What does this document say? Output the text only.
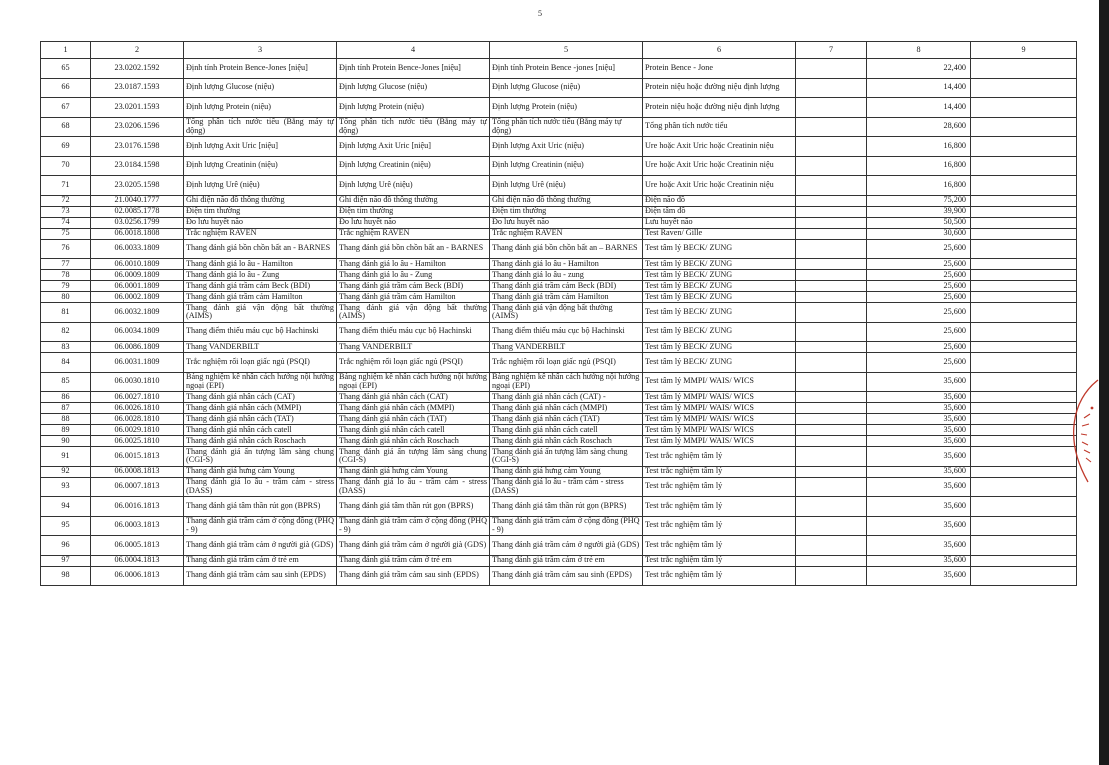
5
1	2	3	4	5	6	7	8	9
65	23.0202.1592	Định tính Protein Bence-Jones [niệu]	Định tính Protein Bence-Jones [niệu]	Định tính Protein Bence -jones [niệu]	Protein Bence - Jone		22,400	
66	23.0187.1593	Định lượng Glucose (niệu)	Định lượng Glucose (niệu)	Định lượng Glucose (niệu)	Protein niệu hoặc đường niệu định lượng		14,400	
67	23.0201.1593	Định lượng Protein (niệu)	Định lượng Protein (niệu)	Định lượng Protein (niệu)	Protein niệu hoặc đường niệu định lượng		14,400	
68	23.0206.1596	Tổng phân tích nước tiểu (Bằng máy tự động)	Tổng phân tích nước tiểu (Bằng máy tự động)	Tổng phân tích nước tiểu (Bằng máy tự động)	Tổng phân tích nước tiểu		28,600	
69	23.0176.1598	Định lượng Axit Uric [niệu]	Định lượng Axit Uric [niệu]	Định lượng Axit Uric (niệu)	Ure hoặc Axit Uric hoặc Creatinin niệu		16,800	
70	23.0184.1598	Định lượng Creatinin (niệu)	Định lượng Creatinin (niệu)	Định lượng Creatinin (niệu)	Ure hoặc Axit Uric hoặc Creatinin niệu		16,800	
71	23.0205.1598	Định lượng Urê (niệu)	Định lượng Urê (niệu)	Định lượng Urê (niệu)	Ure hoặc Axit Uric hoặc Creatinin niệu		16,800	
72	21.0040.1777	Ghi điện não đồ thông thường	Ghi điện não đồ thông thường	Ghi điện não đồ thông thường	Điện não đồ		75,200	
73	02.0085.1778	Điện tim thường	Điện tim thường	Điện tim thường	Điện tâm đồ		39,900	
74	03.0256.1799	Đo lưu huyết não	Đo lưu huyết não	Đo lưu huyết não	Lưu huyết não		50,500	
75	06.0018.1808	Trắc nghiệm RAVEN	Trắc nghiệm RAVEN	Trắc nghiệm RAVEN	Test Raven/ Gille		30,600	
76	06.0033.1809	Thang đánh giá bồn chồn bất an - BARNES	Thang đánh giá bồn chồn bất an - BARNES	Thang đánh giá bồn chồn bất an – BARNES	Test tâm lý BECK/ ZUNG		25,600	
77	06.0010.1809	Thang đánh giá lo âu - Hamilton	Thang đánh giá lo âu - Hamilton	Thang đánh giá lo âu - Hamilton	Test tâm lý BECK/ ZUNG		25,600	
78	06.0009.1809	Thang đánh giá lo âu - Zung	Thang đánh giá lo âu - Zung	Thang đánh giá lo âu - zung	Test tâm lý BECK/ ZUNG		25,600	
79	06.0001.1809	Thang đánh giá trầm cảm Beck (BDI)	Thang đánh giá trầm cảm Beck (BDI)	Thang đánh giá trầm cảm Beck (BDI)	Test tâm lý BECK/ ZUNG		25,600	
80	06.0002.1809	Thang đánh giá trầm cảm Hamilton	Thang đánh giá trầm cảm Hamilton	Thang đánh giá trầm cảm Hamilton	Test tâm lý BECK/ ZUNG		25,600	
81	06.0032.1809	Thang đánh giá vận động bất thường (AIMS)	Thang đánh giá vận động bất thường (AIMS)	Thang đánh giá vận động bất thường (AIMS)	Test tâm lý BECK/ ZUNG		25,600	
82	06.0034.1809	Thang điểm thiếu máu cục bộ Hachinski	Thang điểm thiếu máu cục bộ Hachinski	Thang điểm thiếu máu cục bộ Hachinski	Test tâm lý BECK/ ZUNG		25,600	
83	06.0086.1809	Thang VANDERBILT	Thang VANDERBILT	Thang VANDERBILT	Test tâm lý BECK/ ZUNG		25,600	
84	06.0031.1809	Trắc nghiệm rối loạn giấc ngủ (PSQI)	Trắc nghiệm rối loạn giấc ngủ (PSQI)	Trắc nghiệm rối loạn giấc ngủ (PSQI)	Test tâm lý BECK/ ZUNG		25,600	
85	06.0030.1810	Bảng nghiệm kê nhân cách hướng nội hướng ngoại (EPI)	Bảng nghiệm kê nhân cách hướng nội hướng ngoại (EPI)	Bảng nghiệm kê nhân cách hướng nội hướng ngoại (EPI)	Test tâm lý MMPI/ WAIS/ WICS		35,600	
86	06.0027.1810	Thang đánh giá nhân cách (CAT)	Thang đánh giá nhân cách (CAT)	Thang đánh giá nhân cách (CAT) -	Test tâm lý MMPI/ WAIS/ WICS		35,600	
87	06.0026.1810	Thang đánh giá nhân cách (MMPI)	Thang đánh giá nhân cách (MMPI)	Thang đánh giá nhân cách (MMPI)	Test tâm lý MMPI/ WAIS/ WICS		35,600	
88	06.0028.1810	Thang đánh giá nhân cách (TAT)	Thang đánh giá nhân cách (TAT)	Thang đánh giá nhân cách (TAT)	Test tâm lý MMPI/ WAIS/ WICS		35,600	
89	06.0029.1810	Thang đánh giá nhân cách catell	Thang đánh giá nhân cách catell	Thang đánh giá nhân cách catell	Test tâm lý MMPI/ WAIS/ WICS		35,600	
90	06.0025.1810	Thang đánh giá nhân cách Roschach	Thang đánh giá nhân cách Roschach	Thang đánh giá nhân cách Roschach	Test tâm lý MMPI/ WAIS/ WICS		35,600	
91	06.0015.1813	Thang đánh giá ấn tượng lâm sàng chung (CGI-S)	Thang đánh giá ấn tượng lâm sàng chung (CGI-S)	Thang đánh giá ấn tượng lâm sàng chung (CGI-S)	Test trắc nghiệm tâm lý		35,600	
92	06.0008.1813	Thang đánh giá hưng cảm Young	Thang đánh giá hưng cảm Young	Thang đánh giá hưng cảm Young	Test trắc nghiệm tâm lý		35,600	
93	06.0007.1813	Thang đánh giá lo âu - trầm cảm - stress (DASS)	Thang đánh giá lo âu - trầm cảm - stress (DASS)	Thang đánh giá lo âu - trầm cảm - stress (DASS)	Test trắc nghiệm tâm lý		35,600	
94	06.0016.1813	Thang đánh giá tâm thần rút gọn (BPRS)	Thang đánh giá tâm thần rút gọn (BPRS)	Thang đánh giá tâm thần rút gọn (BPRS)	Test trắc nghiệm tâm lý		35,600	
95	06.0003.1813	Thang đánh giá trầm cảm ở cộng đồng (PHQ - 9)	Thang đánh giá trầm cảm ở cộng đồng (PHQ - 9)	Thang đánh giá trầm cảm ở cộng đồng (PHQ - 9)	Test trắc nghiệm tâm lý		35,600	
96	06.0005.1813	Thang đánh giá trầm cảm ở người già (GDS)	Thang đánh giá trầm cảm ở người già (GDS)	Thang đánh giá trầm cảm ở người già (GDS)	Test trắc nghiệm tâm lý		35,600	
97	06.0004.1813	Thang đánh giá trầm cảm ở trẻ em	Thang đánh giá trầm cảm ở trẻ em	Thang đánh giá trầm cảm ở trẻ em	Test trắc nghiệm tâm lý		35,600	
98	06.0006.1813	Thang đánh giá trầm cảm sau sinh (EPDS)	Thang đánh giá trầm cảm sau sinh (EPDS)	Thang đánh giá trầm cảm sau sinh (EPDS)	Test trắc nghiệm tâm lý		35,600	
